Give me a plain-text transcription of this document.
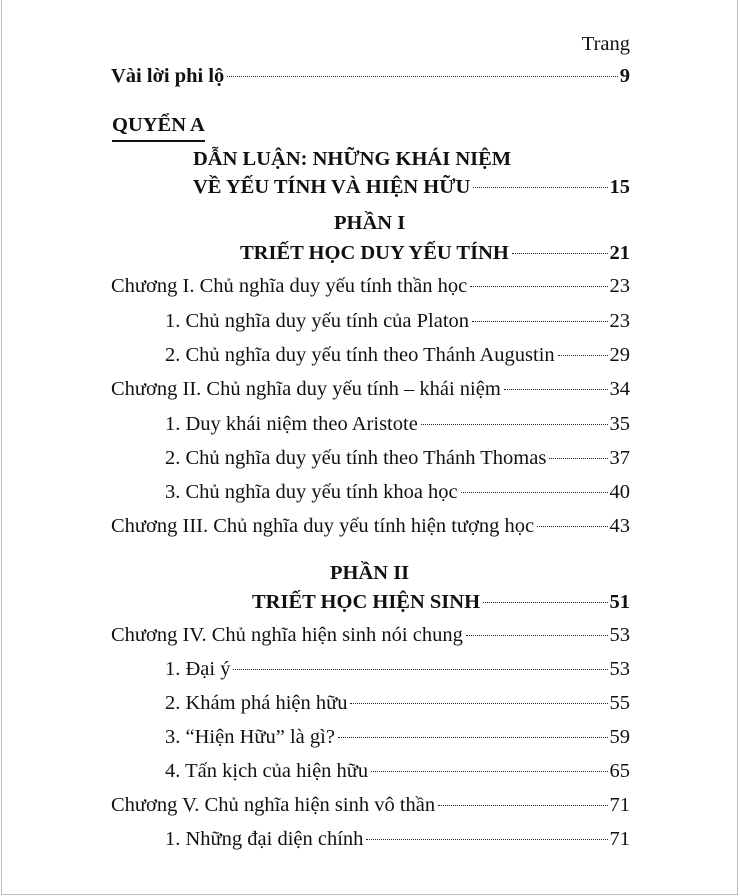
Trang
Vài lời phi lộ	9
QUYỂN A
DẪN LUẬN: NHỮNG KHÁI NIỆM
VỀ YẾU TÍNH VÀ HIỆN HỮU	15
PHẦN I
TRIẾT HỌC DUY YẾU TÍNH	21
Chương I. Chủ nghĩa duy yếu tính thần học	23
1. Chủ nghĩa duy yếu tính của Platon	23
2. Chủ nghĩa duy yếu tính theo Thánh Augustin	29
Chương II. Chủ nghĩa duy yếu tính – khái niệm	34
1. Duy khái niệm theo Aristote	35
2. Chủ nghĩa duy yếu tính theo Thánh Thomas	37
3. Chủ nghĩa duy yếu tính khoa học	40
Chương III. Chủ nghĩa duy yếu tính hiện tượng học	43
PHẦN II
TRIẾT HỌC HIỆN SINH	51
Chương IV. Chủ nghĩa hiện sinh nói chung	53
1. Đại ý	53
2. Khám phá hiện hữu	55
3. “Hiện Hữu” là gì?	59
4. Tấn kịch của hiện hữu	65
Chương V. Chủ nghĩa hiện sinh vô thần	71
1. Những đại diện chính	71
